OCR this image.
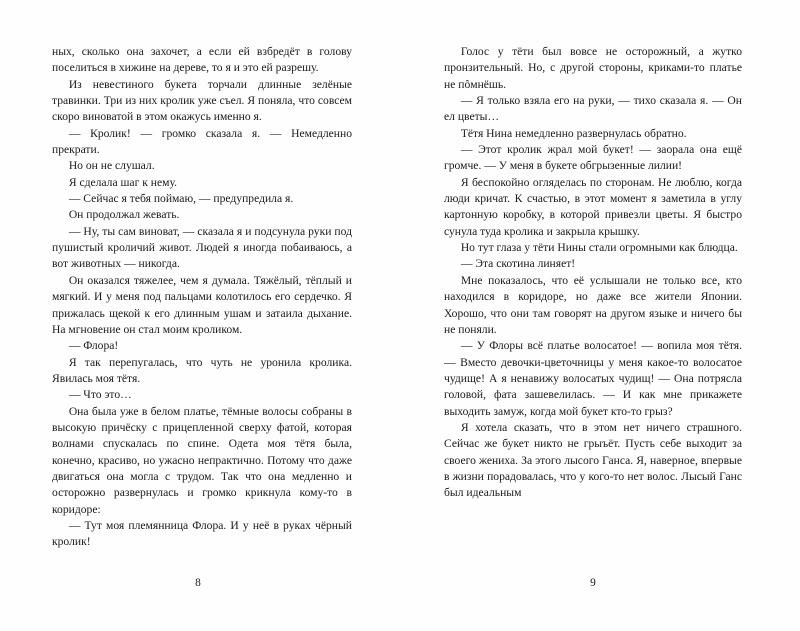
ных, сколько она захочет, а если ей взбредёт в голову поселиться в хижине на дереве, то я и это ей разрешу.

Из невестиного букета торчали длинные зелёные травинки. Три из них кролик уже съел. Я поняла, что совсем скоро виноватой в этом окажусь именно я.

— Кролик! — громко сказала я. — Немедленно прекрати.

Но он не слушал.

Я сделала шаг к нему.

— Сейчас я тебя поймаю, — предупредила я.

Он продолжал жевать.

— Ну, ты сам виноват, — сказала я и подсунула руки под пушистый кроличий живот. Людей я иногда побаиваюсь, а вот животных — никогда.

Он оказался тяжелее, чем я думала. Тяжёлый, тёплый и мягкий. И у меня под пальцами колотилось его сердечко. Я прижалась щекой к его длинным ушам и затаила дыхание. На мгновение он стал моим кроликом.

— Флора!

Я так перепугалась, что чуть не уронила кролика. Явилась моя тётя.

— Что это…

Она была уже в белом платье, тёмные волосы собраны в высокую причёску с прицепленной сверху фатой, которая волнами спускалась по спине. Одета моя тётя была, конечно, красиво, но ужасно непрактично. Потому что даже двигаться она могла с трудом. Так что она медленно и осторожно развернулась и громко крикнула кому-то в коридоре:

— Тут моя племянница Флора. И у неё в руках чёрный кролик!

8

Голос у тёти был вовсе не осторожный, а жутко пронзительный. Но, с другой стороны, криками-то платье не пôмнёшь.

— Я только взяла его на руки, — тихо сказала я. — Он ел цветы…

Тётя Нина немедленно развернулась обратно.

— Этот кролик жрал мой букет! — заорала она ещё громче. — У меня в букете обгрызенные лилии!

Я беспокойно огляделась по сторонам. Не люблю, когда люди кричат. К счастью, в этот момент я заметила в углу картонную коробку, в которой привезли цветы. Я быстро сунула туда кролика и закрыла крышку.

Но тут глаза у тёти Нины стали огромными как блюдца.

— Эта скотина линяет!

Мне показалось, что её услышали не только все, кто находился в коридоре, но даже все жители Японии. Хорошо, что они там говорят на другом языке и ничего бы не поняли.

— У Флоры всё платье волосатое! — вопила моя тётя. — Вместо девочки-цветочницы у меня какое-то волосатое чудище! А я ненавижу волосатых чудищ! — Она потрясла головой, фата зашевелилась. — И как мне прикажете выходить замуж, когда мой букет кто-то грыз?

Я хотела сказать, что в этом нет ничего страшного. Сейчас же букет никто не грыъёт. Пусть себе выходит за своего жениха. За этого лысого Ганса. Я, наверное, впервые в жизни порадовалась, что у кого-то нет волос. Лысый Ганс был идеальным

9
